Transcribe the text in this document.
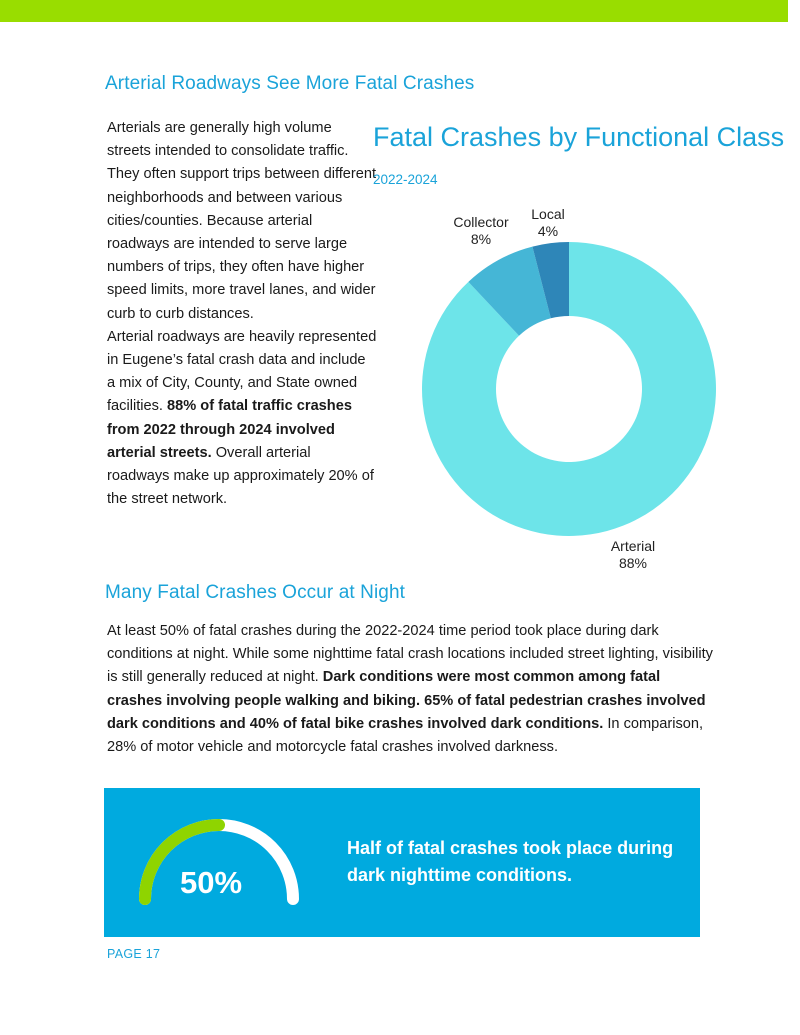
Arterial Roadways See More Fatal Crashes

Arterials are generally high volume streets intended to consolidate traffic. They often support trips between different neighborhoods and between various cities/counties. Because arterial roadways are intended to serve large numbers of trips, they often have higher speed limits, more travel lanes, and wider curb to curb distances.

Arterial roadways are heavily represented in Eugene’s fatal crash data and include a mix of City, County, and State owned facilities. 88% of fatal traffic crashes from 2022 through 2024 involved arterial streets. Overall arterial roadways make up approximately 20% of the street network.

Fatal Crashes by Functional Class
2022-2024
Arterial
88%
Collector
8%
Local
4%
Many Fatal Crashes Occur at Night

At least 50% of fatal crashes during the 2022-2024 time period took place during dark conditions at night. While some nighttime fatal crash locations included street lighting, visibility is still generally reduced at night. Dark conditions were most common among fatal crashes involving people walking and biking. 65% of fatal pedestrian crashes involved dark conditions and 40% of fatal bike crashes involved dark conditions. In comparison, 28% of motor vehicle and motorcycle fatal crashes involved darkness.

50%
Half of fatal crashes took place during dark nighttime conditions.
PAGE 17
